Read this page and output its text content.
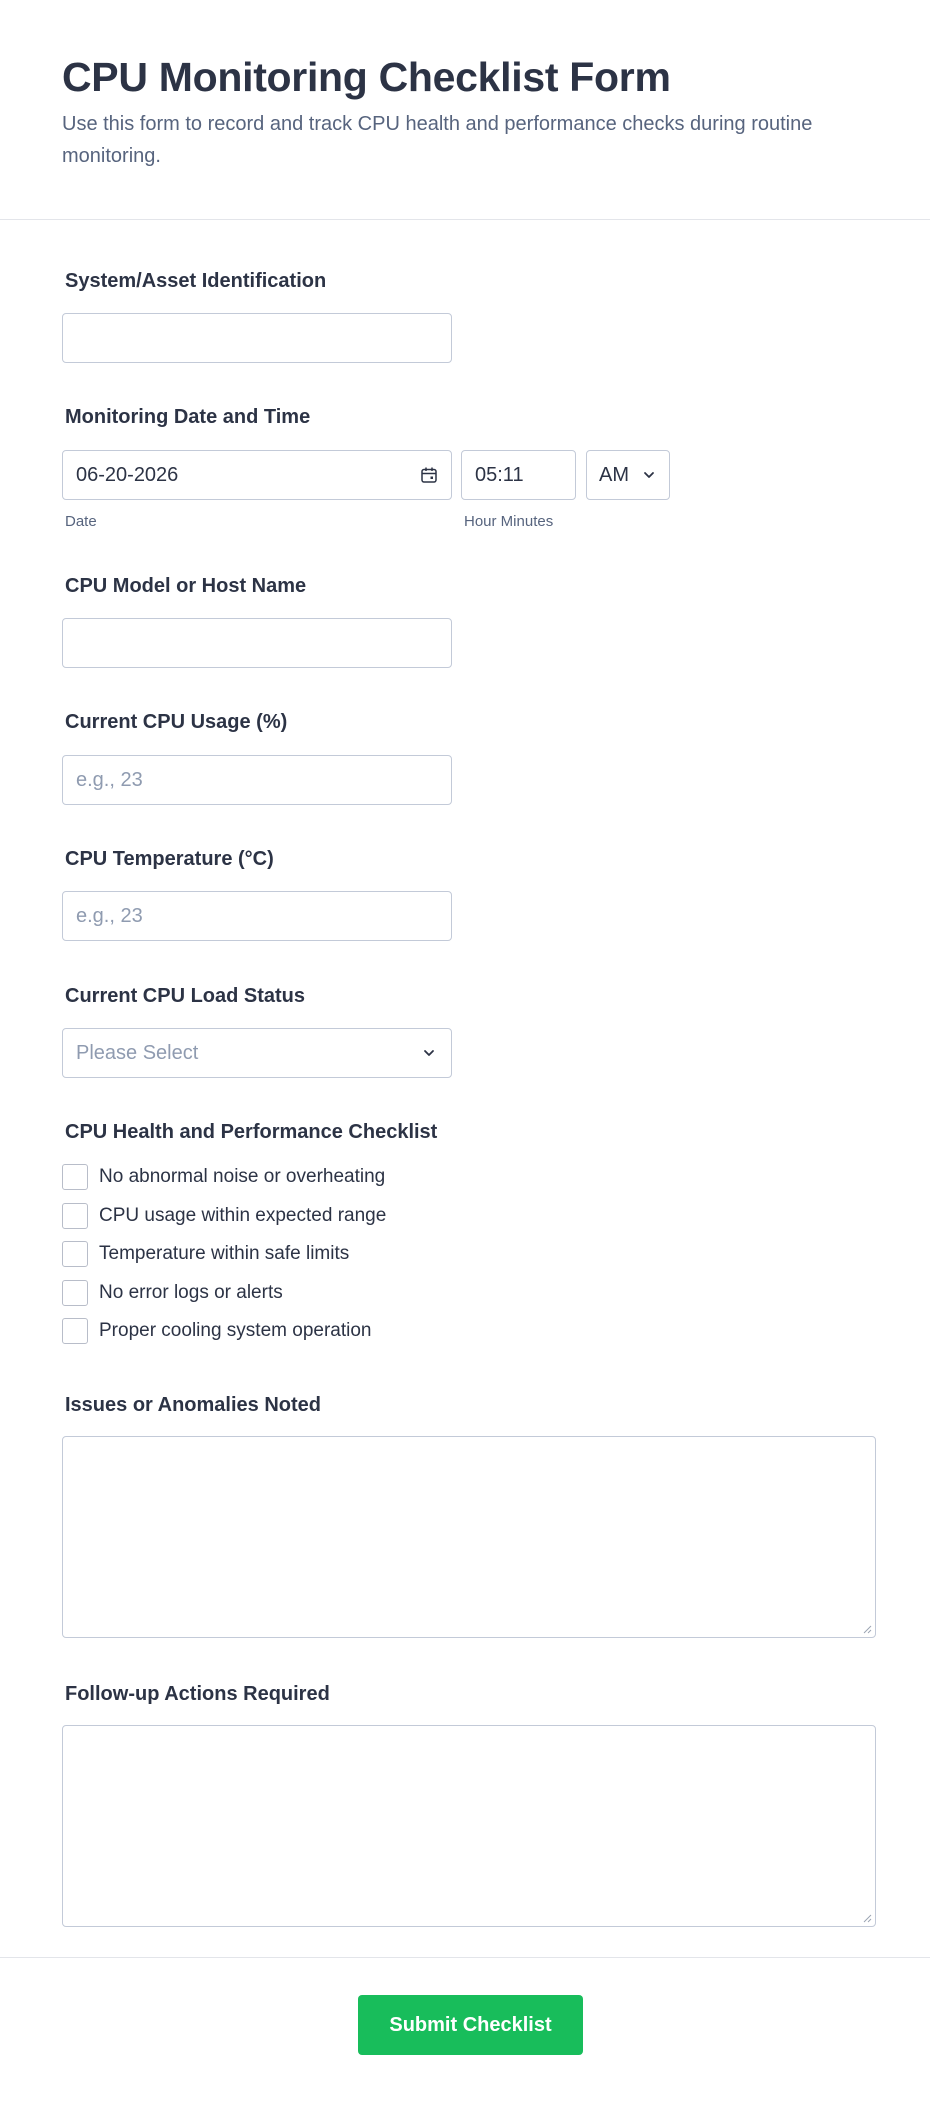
CPU Monitoring Checklist Form

Use this form to record and track CPU health and performance checks during routine monitoring.

System/Asset Identification
Monitoring Date and Time
06-20-2026	05:11	AM
Date	Hour Minutes
CPU Model or Host Name
Current CPU Usage (%)
e.g., 23
CPU Temperature (°C)
e.g., 23
Current CPU Load Status
Please Select
CPU Health and Performance Checklist
No abnormal noise or overheating
CPU usage within expected range
Temperature within safe limits
No error logs or alerts
Proper cooling system operation
Issues or Anomalies Noted
Follow-up Actions Required
Submit Checklist
